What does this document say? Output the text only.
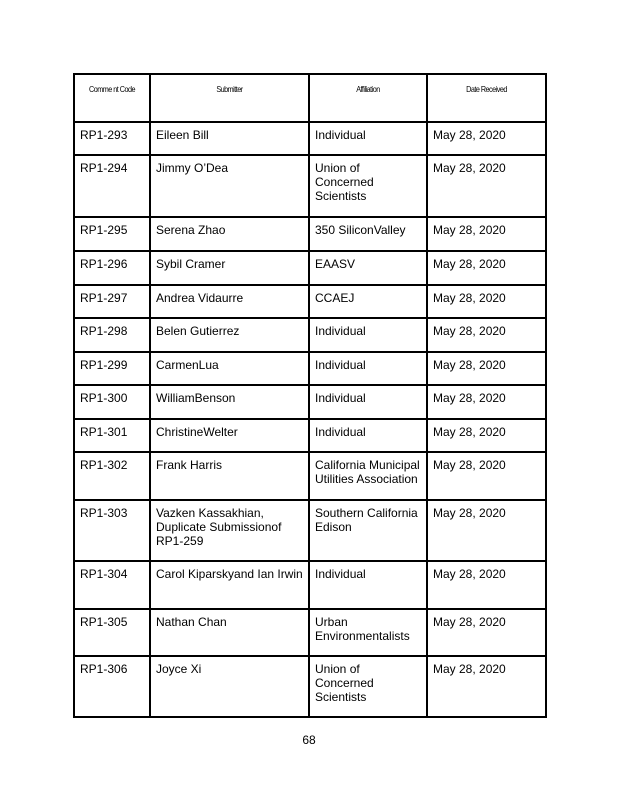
Comme nt Code	Submitter	Affiliation	Date Received

RP1-293	Eileen Bill	Individual	May 28, 2020

RP1-294	Jimmy O’Dea	Union of Concerned Scientists	May 28, 2020

RP1-295	Serena Zhao	350 SiliconValley	May 28, 2020

RP1-296	Sybil Cramer	EAASV	May 28, 2020

RP1-297	Andrea Vidaurre	CCAEJ	May 28, 2020

RP1-298	Belen Gutierrez	Individual	May 28, 2020

RP1-299	CarmenLua	Individual	May 28, 2020

RP1-300	WilliamBenson	Individual	May 28, 2020

RP1-301	ChristineWelter	Individual	May 28, 2020

RP1-302	Frank Harris	California Municipal Utilities Association	May 28, 2020

RP1-303	Vazken Kassakhian, Duplicate Submissionof RP1-259	Southern California Edison	May 28, 2020

RP1-304	Carol Kiparskyand Ian Irwin	Individual	May 28, 2020

RP1-305	Nathan Chan	Urban Environmentalists	May 28, 2020

RP1-306	Joyce Xi	Union of Concerned Scientists	May 28, 2020
68
